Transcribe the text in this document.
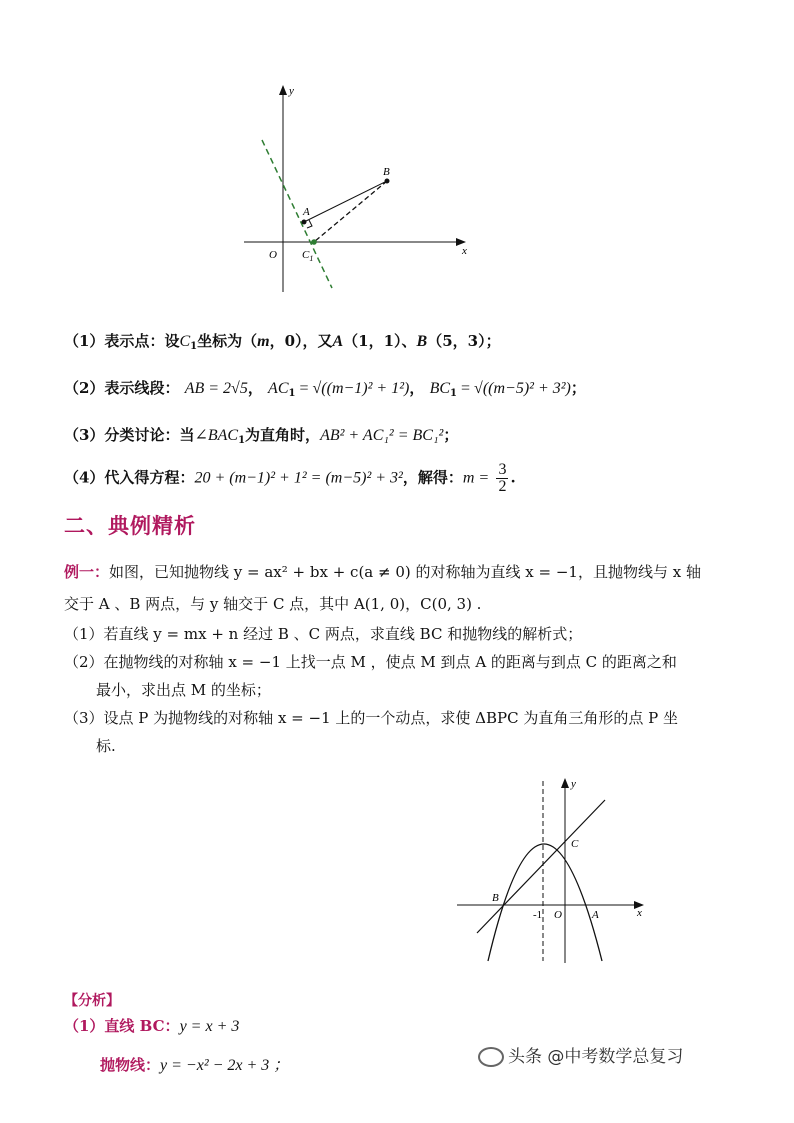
y
x
O
A
B
$C_1$
（1）表示点：设$C_1$坐标为（m，0），又A（1，1）、B（5，3）；
（2）表示线段： AB = 2√5， $AC_1 = √((m-1)^2 + 1^2)$， $BC_1 = √((m-5)^2 + 3^2)$；
（3）分类讨论：当$\angle BAC_1$为直角时，AB² + AC₁² = BC₁²；
（4）代入得方程：20 + (m−1)² + 1² = (m−5)² + 3²，解得：$m = \frac{3}{2}$ .
二、典例精析
例一：如图，已知抛物线 y = ax² + bx + c(a ≠ 0) 的对称轴为直线 x = −1，且抛物线与 x 轴
交于 A 、B 两点，与 y 轴交于 C 点，其中 A(1, 0)，C(0, 3) .
（1）若直线 y = mx + n 经过 B 、C 两点，求直线 BC 和抛物线的解析式；
（2）在抛物线的对称轴 x = −1 上找一点 M ，使点 M 到点 A 的距离与到点 C 的距离之和
最小，求出点 M 的坐标；
（3）设点 P 为抛物线的对称轴 x = −1 上的一个动点，求使 ΔBPC 为直角三角形的点 P 坐
标.
y
x
O
-1	A
B
C
【分析】
（1）直线 BC：y = x + 3
抛物线：y = −x² − 2x + 3 ；	头条 @中考数学总复习
